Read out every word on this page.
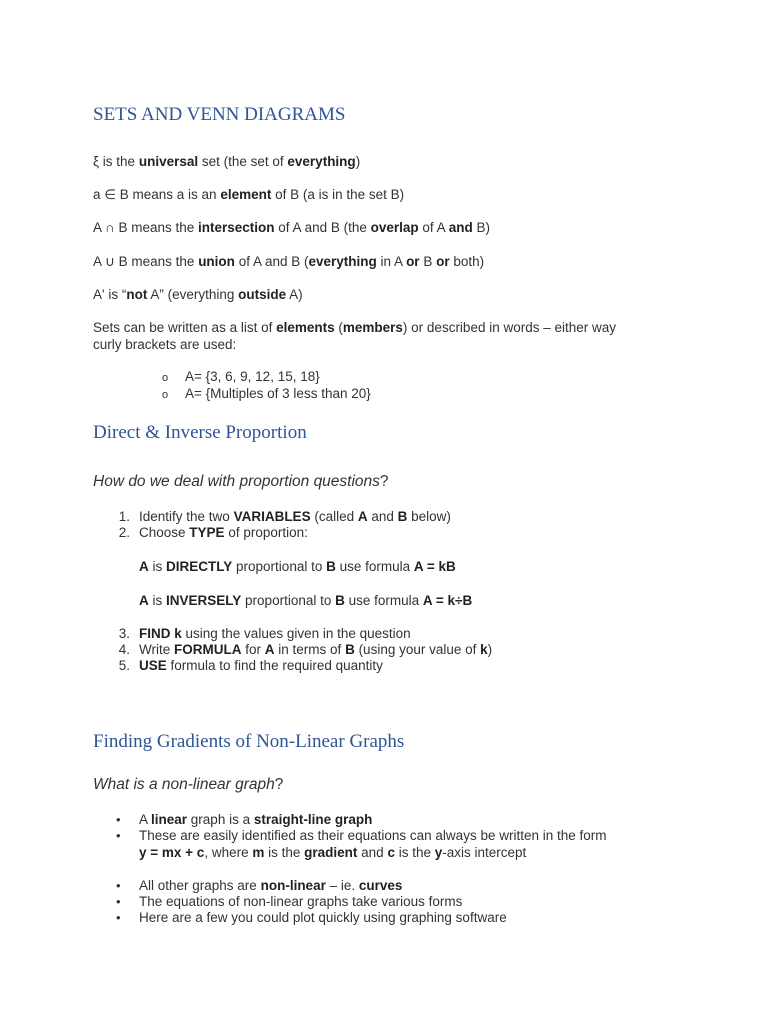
SETS AND VENN DIAGRAMS
ξ is the universal set (the set of everything)
a ∈ B means a is an element of B (a is in the set B)
A ∩ B means the intersection of A and B (the overlap of A and B)
A ∪ B means the union of A and B (everything in A or B or both)
A' is “not A” (everything outside A)
Sets can be written as a list of elements (members) or described in words – either way
curly brackets are used:
o A= {3, 6, 9, 12, 15, 18}
o A= {Multiples of 3 less than 20}
Direct & Inverse Proportion
How do we deal with proportion questions?
1. Identify the two VARIABLES (called A and B below)
2. Choose TYPE of proportion:
A is DIRECTLY proportional to B use formula A = kB
A is INVERSELY proportional to B use formula A = k÷B
3. FIND k using the values given in the question
4. Write FORMULA for A in terms of B (using your value of k)
5. USE formula to find the required quantity
Finding Gradients of Non-Linear Graphs
What is a non-linear graph?
• A linear graph is a straight-line graph
• These are easily identified as their equations can always be written in the form
y = mx + c, where m is the gradient and c is the y-axis intercept
• All other graphs are non-linear – ie. curves
• The equations of non-linear graphs take various forms
• Here are a few you could plot quickly using graphing software
